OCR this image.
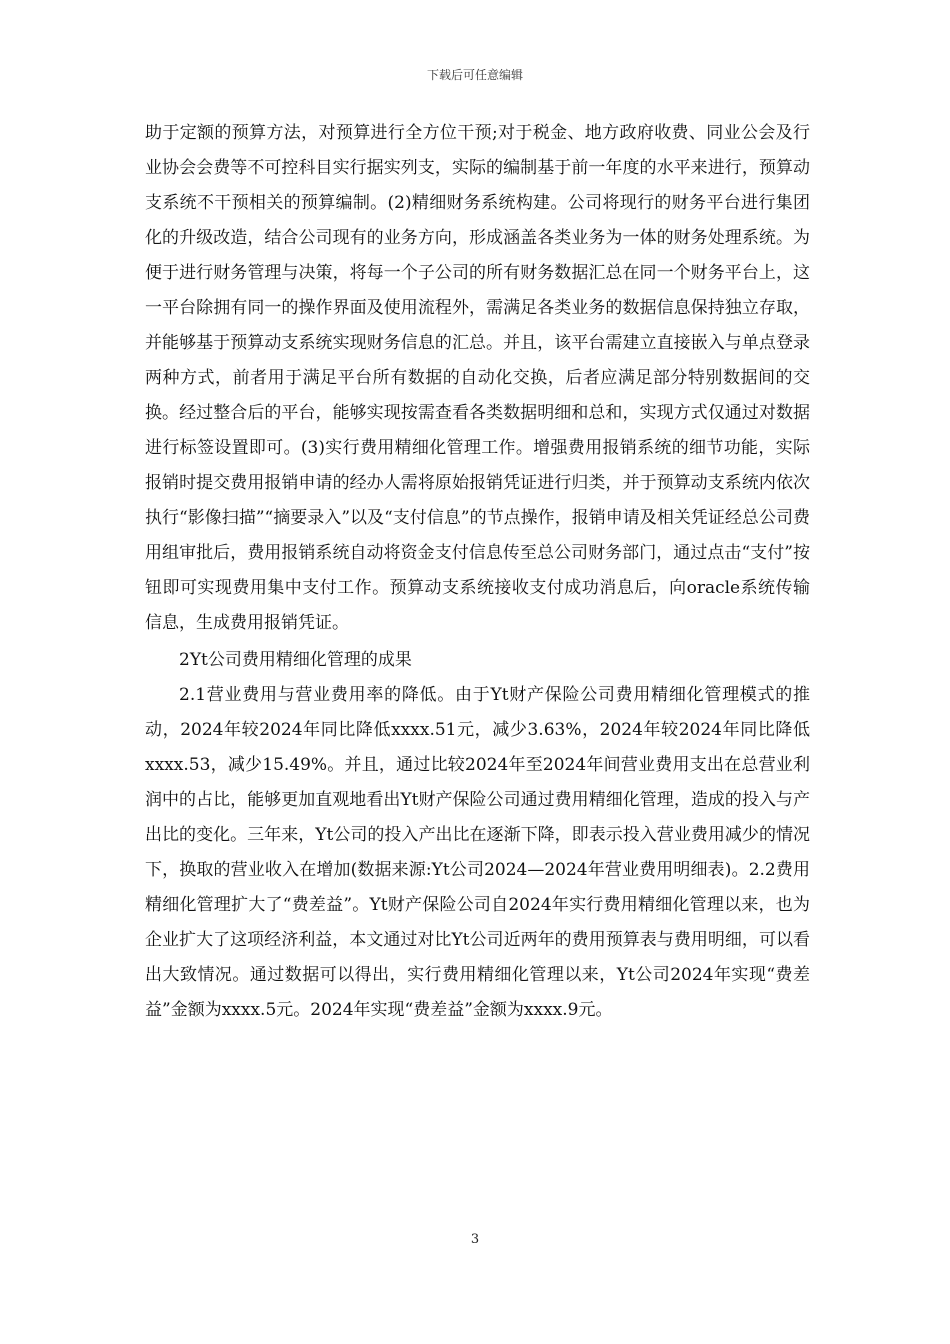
下载后可任意编辑

助于定额的预算方法，对预算进行全方位干预;对于税金、地方政府收费、同业公会及行业协会会费等不可控科目实行据实列支，实际的编制基于前一年度的水平来进行，预算动支系统不干预相关的预算编制。(2)精细财务系统构建。公司将现行的财务平台进行集团化的升级改造，结合公司现有的业务方向，形成涵盖各类业务为一体的财务处理系统。为便于进行财务管理与决策，将每一个子公司的所有财务数据汇总在同一个财务平台上，这一平台除拥有同一的操作界面及使用流程外，需满足各类业务的数据信息保持独立存取，并能够基于预算动支系统实现财务信息的汇总。并且，该平台需建立直接嵌入与单点登录两种方式，前者用于满足平台所有数据的自动化交换，后者应满足部分特别数据间的交换。经过整合后的平台，能够实现按需查看各类数据明细和总和，实现方式仅通过对数据进行标签设置即可。(3)实行费用精细化管理工作。增强费用报销系统的细节功能，实际报销时提交费用报销申请的经办人需将原始报销凭证进行归类，并于预算动支系统内依次执行“影像扫描”“摘要录入”以及“支付信息”的节点操作，报销申请及相关凭证经总公司费用组审批后，费用报销系统自动将资金支付信息传至总公司财务部门，通过点击“支付”按钮即可实现费用集中支付工作。预算动支系统接收支付成功消息后，向oracle系统传输信息，生成费用报销凭证。

2Yt公司费用精细化管理的成果

2.1营业费用与营业费用率的降低。由于Yt财产保险公司费用精细化管理模式的推动，2024年较2024年同比降低xxxx.51元，减少3.63%，2024年较2024年同比降低xxxx.53，减少15.49%。并且，通过比较2024年至2024年间营业费用支出在总营业利润中的占比，能够更加直观地看出Yt财产保险公司通过费用精细化管理，造成的投入与产出比的变化。三年来，Yt公司的投入产出比在逐渐下降，即表示投入营业费用减少的情况下，换取的营业收入在增加(数据来源:Yt公司2024—2024年营业费用明细表)。2.2费用精细化管理扩大了“费差益”。Yt财产保险公司自2024年实行费用精细化管理以来，也为企业扩大了这项经济利益，本文通过对比Yt公司近两年的费用预算表与费用明细，可以看出大致情况。通过数据可以得出，实行费用精细化管理以来，Yt公司2024年实现“费差益”金额为xxxx.5元。2024年实现“费差益”金额为xxxx.9元。

3
